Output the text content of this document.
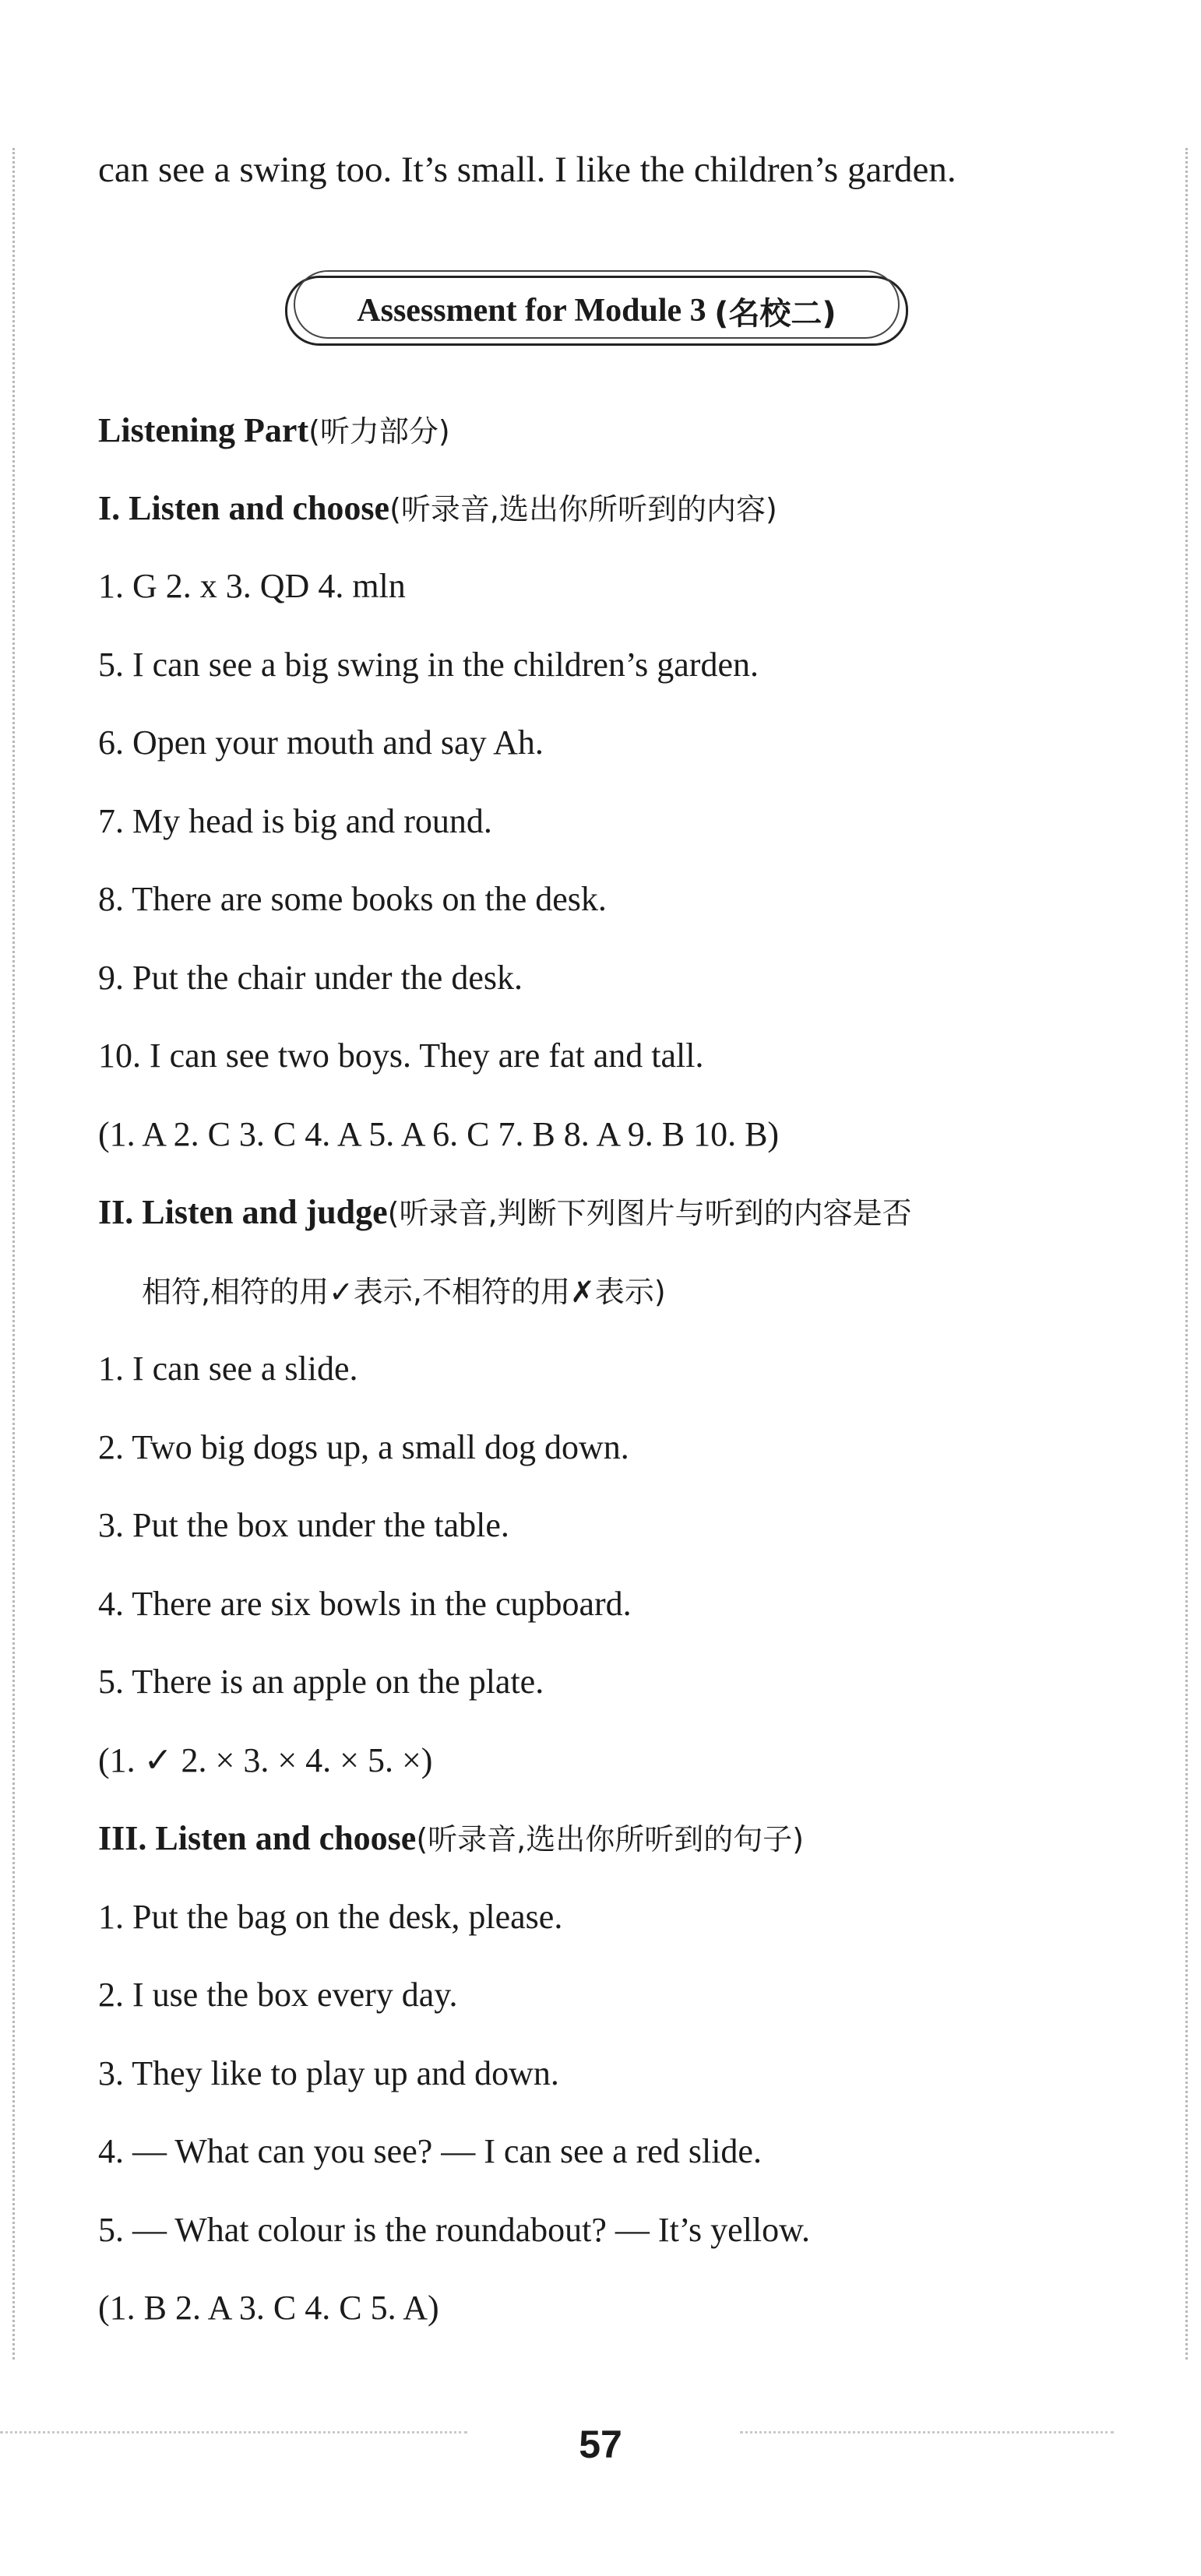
can see a swing too. It’s small. I like the children’s garden.
Assessment for Module 3
(名校二)
Listening Part(听力部分)
I. Listen and choose(听录音,选出你所听到的内容)
1. G 2. x 3. QD 4. mln
5. I can see a big swing in the children’s garden.
6. Open your mouth and say Ah.
7. My head is big and round.
8. There are some books on the desk.
9. Put the chair under the desk.
10. I can see two boys. They are fat and tall.
(1. A 2. C 3. C 4. A 5. A 6. C 7. B 8. A 9. B 10. B)
II. Listen and judge(听录音,判断下列图片与听到的内容是否
相符,相符的用✓表示,不相符的用✗表示)
1. I can see a slide.
2. Two big dogs up, a small dog down.
3. Put the box under the table.
4. There are six bowls in the cupboard.
5. There is an apple on the plate.
(1. ✓ 2. × 3. × 4. × 5. ×)
III. Listen and choose(听录音,选出你所听到的句子)
1. Put the bag on the desk, please.
2. I use the box every day.
3. They like to play up and down.
4. — What can you see? — I can see a red slide.
5. — What colour is the roundabout? — It’s yellow.
(1. B 2. A 3. C 4. C 5. A)
57
